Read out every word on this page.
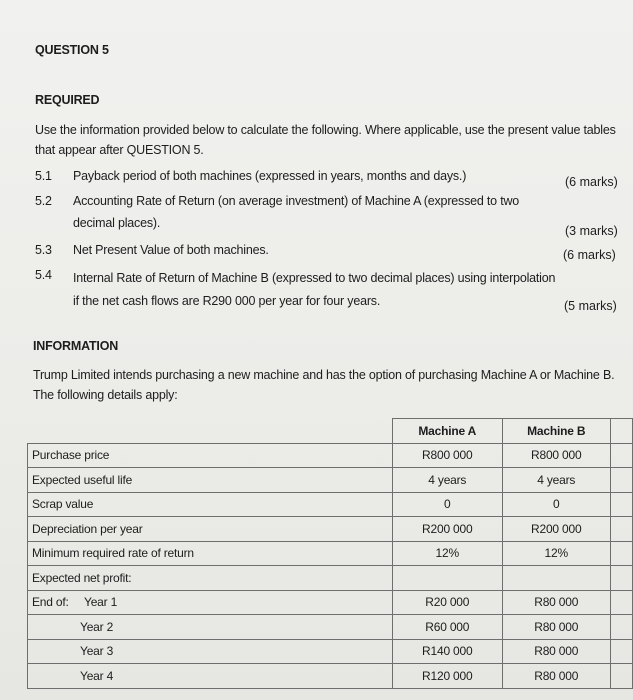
QUESTION 5
REQUIRED
Use the information provided below to calculate the following. Where applicable, use the present value tables
that appear after QUESTION 5.
5.1 Payback period of both machines (expressed in years, months and days.)	(6 marks)
5.2 Accounting Rate of Return (on average investment) of Machine A (expressed to two
decimal places).
(3 marks)
5.3 Net Present Value of both machines.	(6 marks)
5.4 Internal Rate of Return of Machine B (expressed to two decimal places) using interpolation
if the net cash flows are R290 000 per year for four years.	(5 marks)
INFORMATION
Trump Limited intends purchasing a new machine and has the option of purchasing Machine A or Machine B.
The following details apply:
	Machine A	Machine B	
Purchase price	R800 000	R800 000	
Expected useful life	4 years	4 years	
Scrap value	0	0	
Depreciation per year	R200 000	R200 000	
Minimum required rate of return	12%	12%	
Expected net profit:			
End of: Year 1	R20 000	R80 000	
Year 2	R60 000	R80 000	
Year 3	R140 000	R80 000	
Year 4	R120 000	R80 000	
